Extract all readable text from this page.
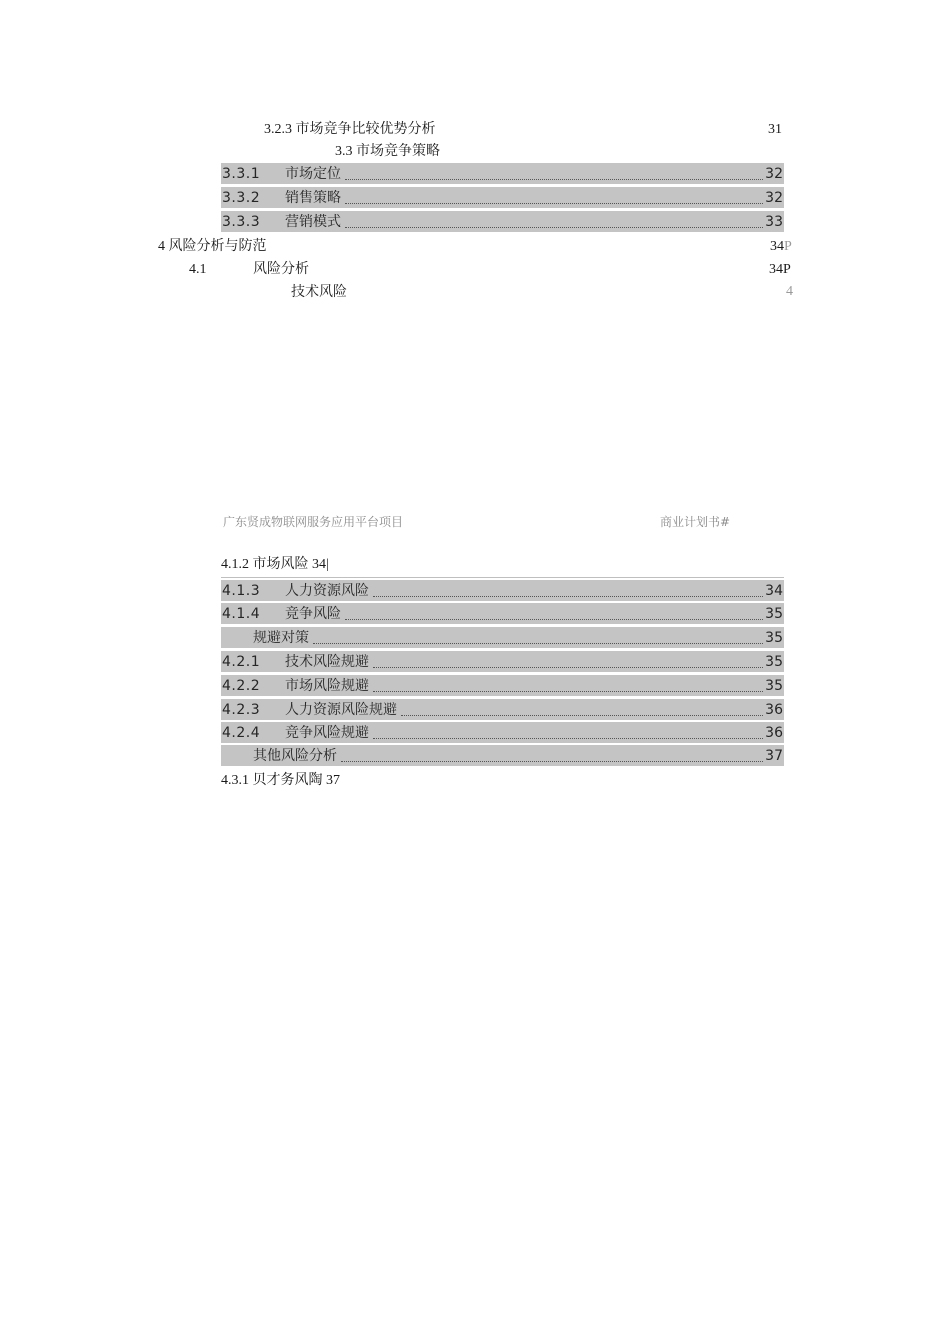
3.2.3 市场竞争比较优势分析	31
3.3 市场竞争策略
3.3.1	市场定位	32
3.3.2	销售策略	32
3.3.3	营销模式	33
4 风险分析与防范	34P
4.1	风险分析	34P
技术风险	4
广东贤成物联网服务应用平台项目	商业计划书#
4.1.2 市场风险 34|
4.1.3	人力资源风险	34
4.1.4	竞争风险	35
规避对策	35
4.2.1	技术风险规避	35
4.2.2	市场风险规避	35
4.2.3	人力资源风险规避	36
4.2.4	竞争风险规避	36
其他风险分析	37
4.3.1 贝才务风陶 37
